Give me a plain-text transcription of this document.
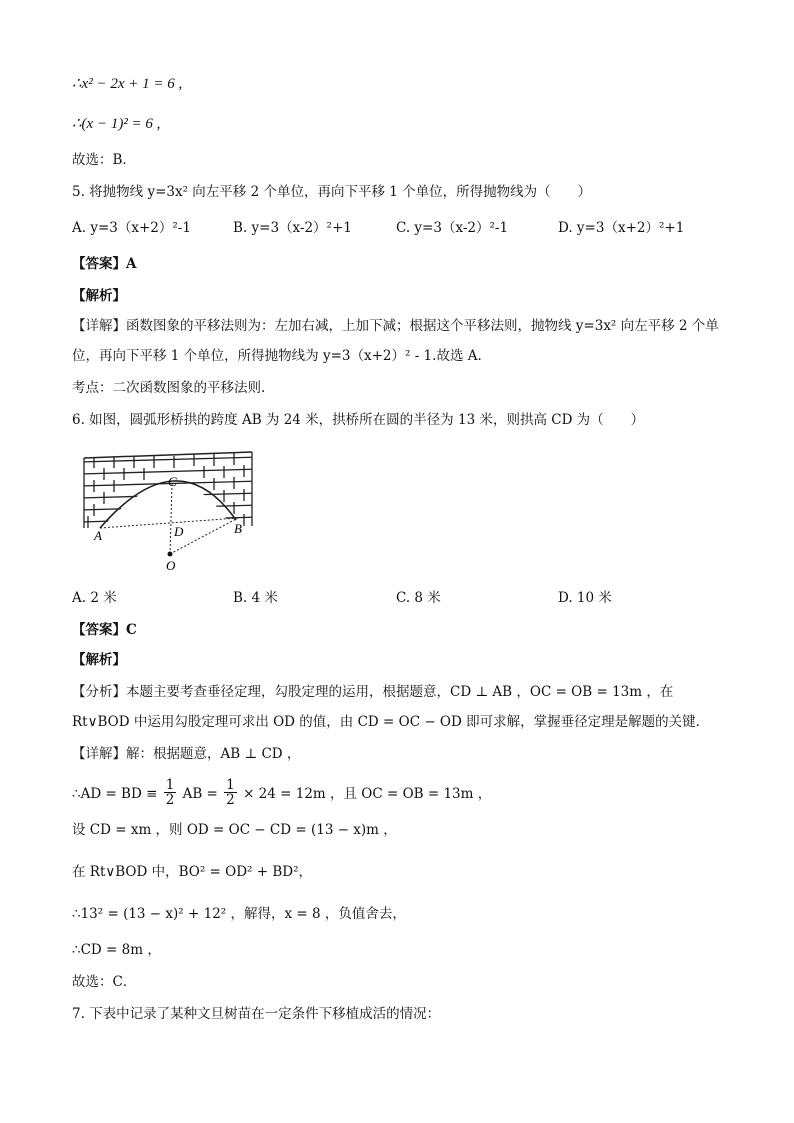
∴x² − 2x + 1 = 6 ,
∴(x − 1)² = 6 ,
故选：B．
5. 将抛物线 y=3x² 向左平移 2 个单位，再向下平移 1 个单位，所得抛物线为（　　）
A. y=3（x+2）²-1	B. y=3（x-2）²+1	C. y=3（x-2）²-1	D. y=3（x+2）²+1
【答案】A
【解析】
【详解】函数图象的平移法则为：左加右减，上加下减；根据这个平移法则，抛物线 y=3x² 向左平移 2 个单
位，再向下平移 1 个单位，所得抛物线为 y=3（x+2）² - 1.故选 A.
考点：二次函数图象的平移法则.
6. 如图，圆弧形桥拱的跨度 AB 为 24 米，拱桥所在圆的半径为 13 米，则拱高 CD 为（　　）
C
D
A	B
O
A. 2 米	B. 4 米	C. 8 米	D. 10 米
【答案】C
【解析】
【分析】本题主要考查垂径定理，勾股定理的运用，根据题意，CD ⊥ AB ，OC = OB = 13m ，在
Rt∨BOD 中运用勾股定理可求出 OD 的值，由 CD = OC − OD 即可求解，掌握垂径定理是解题的关键．
【详解】解：根据题意，AB ⊥ CD ，
∴AD = BD ≡ $\frac{1}{2}$ AB = $\frac{1}{2} \times 24 = 12m$ ，且 OC = OB = 13m ，
设 CD = xm ，则 OD = OC − CD = (13 − x)m ，
在 Rt∨BOD 中，BO² = OD² + BD²，
∴13² = (13 − x)² + 12² ，解得，x = 8 ，负值舍去，
∴CD = 8m ，
故选：C．
7. 下表中记录了某种文旦树苗在一定条件下移植成活的情况：
